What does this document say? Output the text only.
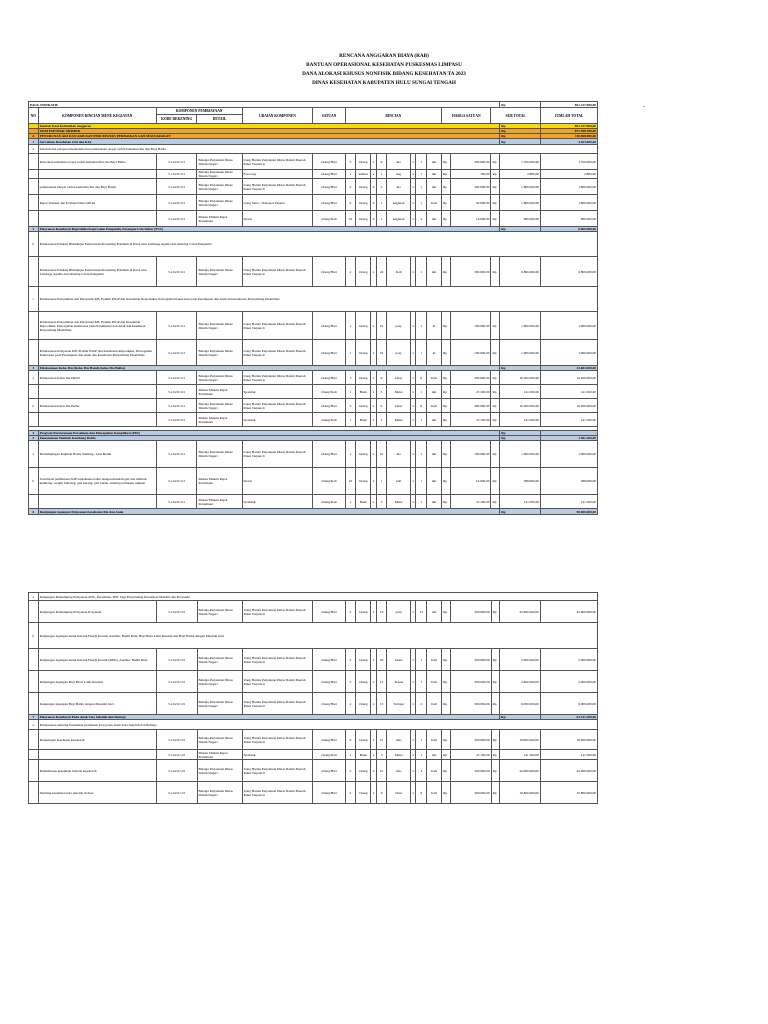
RENCANA ANGGARAN BIAYA (RAB)
BANTUAN OPERASIONAL KESEHATAN PUSKESMAS LIMPASU
DANA ALOKASI KHUSUS NONFISIK BIDANG KESEHATAN TA 2023
DINAS KESEHATAN KABUPATEN HULU SUNGAI TENGAH
-
PAGU INDIKATIF																	Rp	861.317.000,00
NO	KOMPONEN RINCIAN MENU KEGIATAN	KOMPONEN PEMBIAYAAN		URAIAN KOMPONEN	SATUAN	RINCIAN								HARGA SATUAN		SUB TOTAL		JUMLAH TOTAL
		KODE REKENING	DETAIL															
	Jumlah Total Kebutuhan Anggaran																Rp	861.317.000,00
	UKM ESENSIAL PRIMER																Rp	871.768.780,00
A	PENURUNAN AKI DAN AKB DAN PERCEPATAN PERBAIKAN GIZI MASYARAKAT																Rp	118.968.880,00
1	Surveilans Kesehatan Gizi dan KIA																Rp	4.163.000,00
a	Sekolah dan pelaporan kematian dan pelaksanaan otopsi verbal kematian Ibu dan Bayi Balita																	
	Pelacakan kematian otopsi verbal kematian Ibu dan Bayi Balita	5.1.02.01.01	Belanja Perjalanan Dinas Dalam Negeri	Uang Harian Perjalanan Dinas Dalam Daerah Paket Terpencil	Orang/Hari	5	Orang	x	9	kia	x	1	ikn	Rp	300.000,00	Rp	1.350.000,00	1.350.000,00
		5.1.02.01.01	Belanja Perjalanan Dinas Dalam Negeri	Fotocopy	Orang/Hari	1	lembar	x	1	keg	x	1	ikn	Rp	700,00	Rp	2.800,00	2.800,00
	pelaksanaan Otopsi verbal kematian Ibu dan Bayi Balita	5.1.02.01.01	Belanja Perjalanan Dinas Dalam Negeri	Uang Harian Perjalanan Dinas Dalam Daerah Paket Terpencil	Orang/Hari	2	Orang	x	3	kia	x	1	ikn	Rp	300.000,00	Rp	1.800.000,00	1.800.000,00
	Rapat Validasi dan Evaluasi Data GIKIA	5.1.02.01.01	Belanja Perjalanan Dinas Dalam Negeri	Uang Saku / Transport Peserta	Orang/Hari	9	Orang	x	1	kegiatan	x	1	Kali	Rp	50.000,00	Rp	1.800.000,00	1.800.000,00
		5.1.02.01.01	Makan Minum Rapat Pertemuan	Snack	Orang/Kali	19	Orang	x	1	kegiatan	x	4	ikn	Rp	16.000,00	Rp	960.000,00	960.000,00
2	Pelayanan Kesehatan Reproduksi bagi Calon Pengantin, Pasangan Usia Subur (PUS)																Rp	8.600.000,00
b	Pelaksanaan Edukasi Bimbingan Perkawinan/Konseling Pranikah di KUA atau Lembaga Agama dan skrining Calon Pengantin																	
	Pelaksanaan Edukasi Bimbingan Perkawinan/Konseling Pranikah di KUA atau Lembaga Agama dan skrining Calon Pengantin	5.1.02.01.01	Belanja Perjalanan Dinas Dalam Negeri	Uang Harian Perjalanan Dinas Dalam Daerah Paket Terpencil	Orang/Hari	2	Orang	x	24	Kali	x	1	ikn	Rp	300.000,00	Rp	6.800.000,00	6.800.000,00
c	Pelaksanaan Penyuluhan dan Pelayanan KB, Praktik P2GP dan Kesehatan Reproduksi, Pencegahan Kekerasan pada Perempuan dan Anak dan kesehatan Penyandang Disabilitas																	
	Pelaksanaan Penyuluhan dan Pelayanan KB, Praktik P2GP dan Kesehatan Reproduksi, Pencegahan Kekerasan pada Perempuan dan Anak dan kesehatan Penyandang Disabilitas	5.1.02.01.01	Belanja Perjalanan Dinas Dalam Negeri	Uang Harian Perjalanan Dinas Dalam Daerah Paket Terpencil	Orang/Hari	1	Orang	x	19	posy	x	1	kl	Rp	100.000,00	Rp	1.900.000,00	1.900.000,00
	Pelaksanaan Pelayanan KB, Praktik P2GP dan Kesehatan Reproduksi, Pencegahan Kekerasan pada Perempuan dan Anak dan Kesehatan Penyandang Disabilitas	5.1.02.01.01	Belanja Perjalanan Dinas Dalam Negeri	Uang Harian Perjalanan Dinas Dalam Daerah Paket Terpencil	Orang/Hari	1	Orang	x	19	posy	x	1	kl	Rp	100.000,00	Rp	1.900.000,00	1.900.000,00
3	Pelaksanaan Kelas Ibu (Kelas Ibu Hamil, Kelas Ibu Balita)																Rp	33.683.000,00
a	Pelaksanaan Kelas Ibu Hamil	5.1.02.01.01	Belanja Perjalanan Dinas Dalam Negeri	Uang Harian Perjalanan Dinas Dalam Daerah Paket Terpencil	Orang/Hari	3	Orang	x	9	Desa	x	6	Kali	Rp	300.000,00	Rp	16.200.000,00	16.200.000,00
		5.1.02.01.01	Makan Minum Rapat Pertemuan	Spanduk	Orang/Kali	1	Buah	x	3	Meter	x	1	ikn	Rp	47.100,00	Rp	141.300,00	141.300,00
b	Pelaksanaan Kelas Ibu Balita	5.1.02.01.01	Belanja Perjalanan Dinas Dalam Negeri	Uang Harian Perjalanan Dinas Dalam Daerah Paket Terpencil	Orang/Hari	3	Orang	x	9	Desa	x	6	Kali	Rp	300.000,00	Rp	16.200.000,00	16.200.000,00
		5.1.02.01.01	Makan Minum Rapat Pertemuan	Spanduk	Orang/Kali	1	Buah	x	3	Meter	x	1	ikn	Rp	47.100,00	Rp	141.300,00	141.300,00

4	Program Perencanaan Persalinan dan Pencegahan Komplikasi (P4K)																Rp	-
5	Pemantauan Tumbuh Kembang Balita																Rp	1.581.300,00
a	Pendampingan Rujukan Balita Stunting / Gizi Buruk	5.1.02.01.01	Belanja Perjalanan Dinas Dalam Negeri	Uang Harian Perjalanan Dinas Dalam Daerah Paket Terpencil	Orang/Hari	1	Orang	x	10	kia	x	1	ikn	Rp	100.000,00	Rp	1.000.000,00	1.000.000,00
b	Sosialisasi pembinaan SOP tatalaksana balita dengan masalah gizi dan tumbuh kembang: weight faltering, gizi kurang, gizi buruk, stunting termasuk rujukan	5.1.02.01.01	Makan Minum Rapat Pertemuan	Snack	Orang/Kali	19	Orang	x	1	kali	x	1	ikn	Rp	16.000,00	Rp	288.000,00	288.000,00
		5.1.02.01.01	Makan Minum Rapat Pertemuan	Spanduk	Orang/Kali	1	Buah	x	3	Meter	x	1	ikn	Rp	47.100,00	Rp	141.300,00	141.300,00
6	Kunjungan lapangan Pelayanan Kesehatan Ibu dan Anak																Rp	98.000.000,00
a	Kunjungan Pendamping Pelayanan ANC, Persalinan, PNC bagi Penyandang Persalinan Mandiri dan Posyandu																	
	Kunjungan Pendamping Pelayanan Posyandu	5.1.02.01.01	Belanja Perjalanan Dinas Dalam Negeri	Uang Harian Perjalanan Dinas Dalam Daerah Paket Terpencil	Orang/Hari	2	Orang	x	19	posy	x	12	ikn	Rp	300.000,00	Rp	45.600.000,00	45.600.000,00
b	Kunjungan lapangan untuk Kurang Energi Kronik, Anemia, Bumil Risti, Bayi Baru Lahir Rendah dan Bayi Balita dengan Masalah Gizi																	
	Kunjungan lapangan untuk Kurang Energi Kronik (KEK), Anemia, Bumil Risti	5.1.02.01.01	Belanja Perjalanan Dinas Dalam Negeri	Uang Harian Perjalanan Dinas Dalam Daerah Paket Terpencil	Orang/Hari	2	Orang	x	20	kasus	x	1	Kali	Rp	300.000,00	Rp	5.000.000,00	5.000.000,00
	Kunjungan lapangan Bayi Berat Lahir Rendah	5.1.02.01.01	Belanja Perjalanan Dinas Dalam Negeri	Uang Harian Perjalanan Dinas Dalam Daerah Paket Terpencil	Orang/Hari	2	Orang	x	12	Kasus	x	1	Kali	Rp	300.000,00	Rp	2.400.000,00	2.400.000,00
	Kunjungan lapangan Bayi Balita dengan Masalah Gizi	5.1.02.01.01	Belanja Perjalanan Dinas Dalam Negeri	Uang Harian Perjalanan Dinas Dalam Daerah Paket Terpencil	Orang/Hari	2	Orang	x	15	Tempat	x	2	Kali	Rp	300.000,00	Rp	6.000.000,00	6.000.000,00
7	Pelayanan Kesehatan Pada Anak Usia Sekolah dan Remaja																Rp	63.141.300,00
a	Pelaksanaan skrining Kesehatan (termasuk jiwa) pada Anak Usia Sekolah dan Remaja																	
	Penjaringan kesehatan kesekolah	5.1.02.01.01	Belanja Perjalanan Dinas Dalam Negeri	Uang Harian Perjalanan Dinas Dalam Daerah Paket Terpencil	Orang/Hari	9	Orang	x	21	skls	x	1	Kali	Rp	300.000,00	Rp	18.900.000,00	18.900.000,00
		5.1.02.01.01	Makan Minum Rapat Pertemuan	Spanduk	Orang/Kali	1	Buah	x	3	Meter	x	1	ikn	Rp	47.100,00	Rp	141.300,00	141.300,00
	Pemeriksaan kesehatan berkala kesekolah	5.1.02.01.01	Belanja Perjalanan Dinas Dalam Negeri	Uang Harian Perjalanan Dinas Dalam Daerah Paket Terpencil	Orang/Hari	5	Orang	x	21	skls	x	4	Kali	Rp	300.000,00	Rp	42.000.000,00	42.000.000,00
	Skrining kesehatan usia sekolah di desa	5.1.02.01.01	Belanja Perjalanan Dinas Dalam Negeri	Uang Harian Perjalanan Dinas Dalam Daerah Paket Terpencil	Orang/Hari	2	Orang	x	9	Desa	x	6	Kali	Rp	300.000,00	Rp	10.800.000,00	10.800.000,00
